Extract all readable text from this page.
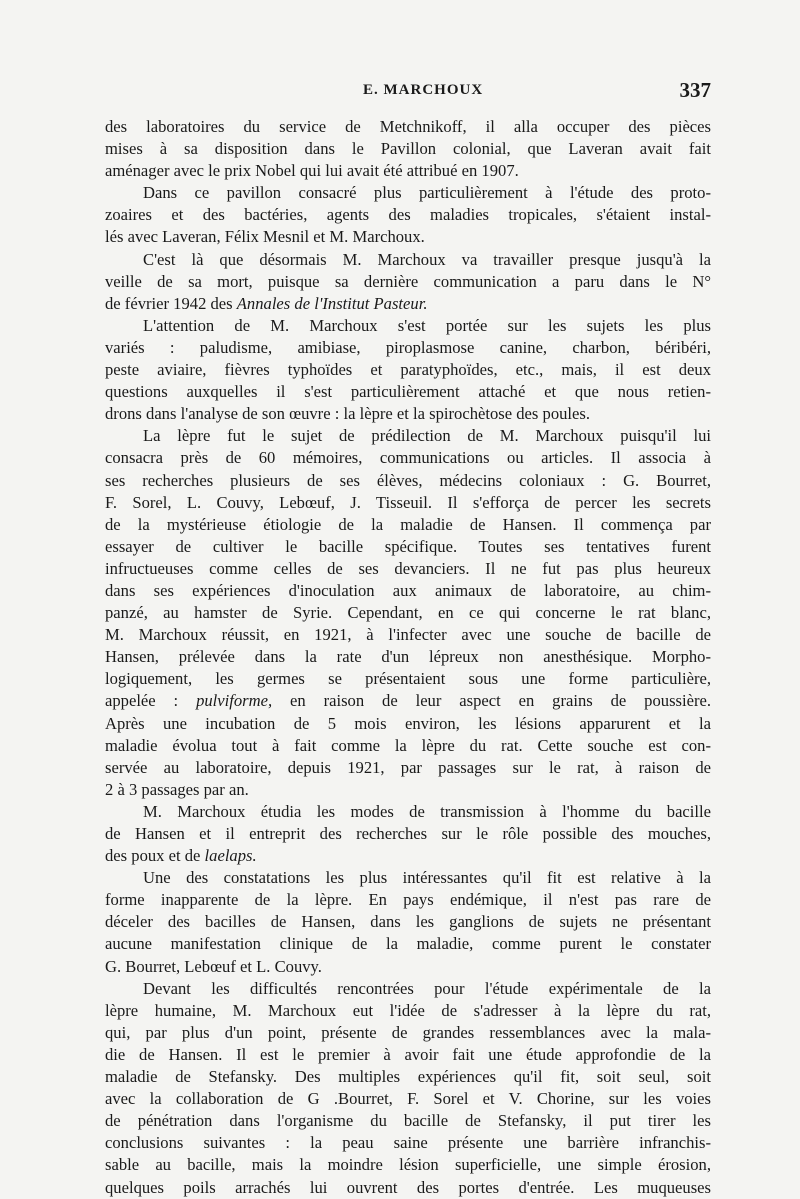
E. MARCHOUX	337
des laboratoires du service de Metchnikoff, il alla occuper des pièces
mises à sa disposition dans le Pavillon colonial, que Laveran avait fait
aménager avec le prix Nobel qui lui avait été attribué en 1907.
Dans ce pavillon consacré plus particulièrement à l'étude des proto-
zoaires et des bactéries, agents des maladies tropicales, s'étaient instal-
lés avec Laveran, Félix Mesnil et M. Marchoux.
C'est là que désormais M. Marchoux va travailler presque jusqu'à la
veille de sa mort, puisque sa dernière communication a paru dans le N°
de février 1942 des Annales de l'Institut Pasteur.
L'attention de M. Marchoux s'est portée sur les sujets les plus
variés : paludisme, amibiase, piroplasmose canine, charbon, béribéri,
peste aviaire, fièvres typhoïdes et paratyphoïdes, etc., mais, il est deux
questions auxquelles il s'est particulièrement attaché et que nous retien-
drons dans l'analyse de son œuvre : la lèpre et la spirochètose des poules.
La lèpre fut le sujet de prédilection de M. Marchoux puisqu'il lui
consacra près de 60 mémoires, communications ou articles. Il associa à
ses recherches plusieurs de ses élèves, médecins coloniaux : G. Bourret,
F. Sorel, L. Couvy, Lebœuf, J. Tisseuil. Il s'efforça de percer les secrets
de la mystérieuse étiologie de la maladie de Hansen. Il commença par
essayer de cultiver le bacille spécifique. Toutes ses tentatives furent
infructueuses comme celles de ses devanciers. Il ne fut pas plus heureux
dans ses expériences d'inoculation aux animaux de laboratoire, au chim-
panzé, au hamster de Syrie. Cependant, en ce qui concerne le rat blanc,
M. Marchoux réussit, en 1921, à l'infecter avec une souche de bacille de
Hansen, prélevée dans la rate d'un lépreux non anesthésique. Morpho-
logiquement, les germes se présentaient sous une forme particulière,
appelée : pulviforme, en raison de leur aspect en grains de poussière.
Après une incubation de 5 mois environ, les lésions apparurent et la
maladie évolua tout à fait comme la lèpre du rat. Cette souche est con-
servée au laboratoire, depuis 1921, par passages sur le rat, à raison de
2 à 3 passages par an.
M. Marchoux étudia les modes de transmission à l'homme du bacille
de Hansen et il entreprit des recherches sur le rôle possible des mouches,
des poux et de laelaps.
Une des constatations les plus intéressantes qu'il fit est relative à la
forme inapparente de la lèpre. En pays endémique, il n'est pas rare de
déceler des bacilles de Hansen, dans les ganglions de sujets ne présentant
aucune manifestation clinique de la maladie, comme purent le constater
G. Bourret, Lebœuf et L. Couvy.
Devant les difficultés rencontrées pour l'étude expérimentale de la
lèpre humaine, M. Marchoux eut l'idée de s'adresser à la lèpre du rat,
qui, par plus d'un point, présente de grandes ressemblances avec la mala-
die de Hansen. Il est le premier à avoir fait une étude approfondie de la
maladie de Stefansky. Des multiples expériences qu'il fit, soit seul, soit
avec la collaboration de G .Bourret, F. Sorel et V. Chorine, sur les voies
de pénétration dans l'organisme du bacille de Stefansky, il put tirer les
conclusions suivantes : la peau saine présente une barrière infranchis-
sable au bacille, mais la moindre lésion superficielle, une simple érosion,
quelques poils arrachés lui ouvrent des portes d'entrée. Les muqueuses
